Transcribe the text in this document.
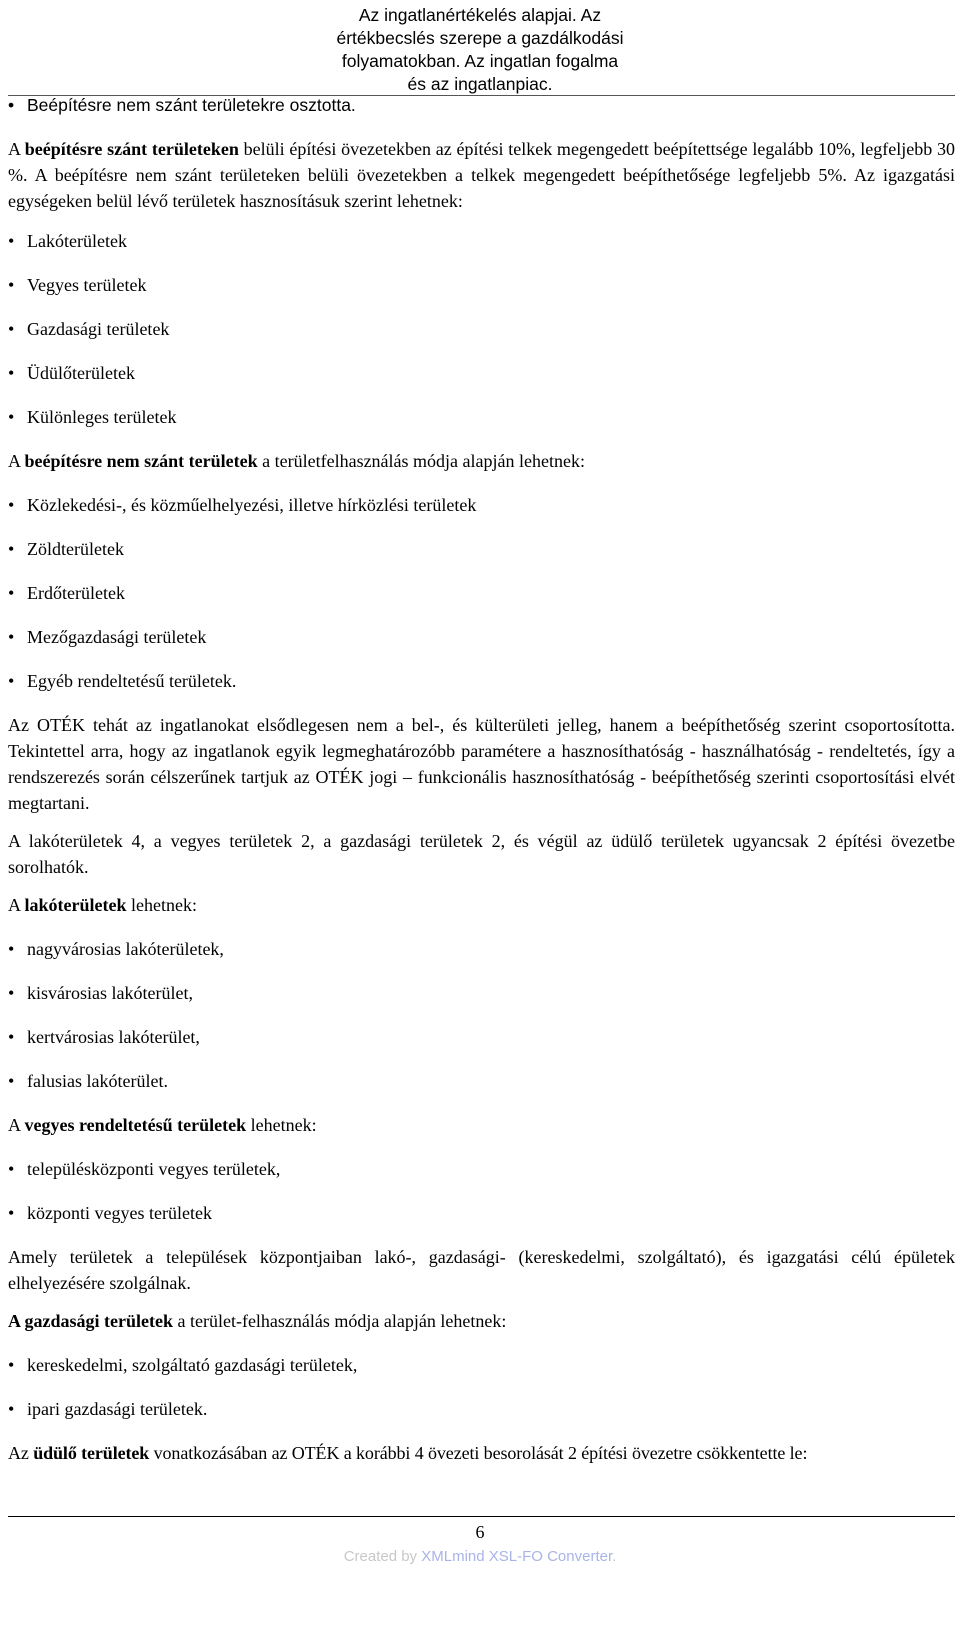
Az ingatlanértékelés alapjai. Az
értékbecslés szerepe a gazdálkodási
folyamatokban. Az ingatlan fogalma
és az ingatlanpiac.
• Beépítésre nem szánt területekre osztotta.
A beépítésre szánt területeken belüli építési övezetekben az építési telkek megengedett beépítettsége legalább 10%, legfeljebb 30 %. A beépítésre nem szánt területeken belüli övezetekben a telkek megengedett beépíthetősége legfeljebb 5%. Az igazgatási egységeken belül lévő területek hasznosításuk szerint lehetnek:
• Lakóterületek
• Vegyes területek
• Gazdasági területek
• Üdülőterületek
• Különleges területek
A beépítésre nem szánt területek a területfelhasználás módja alapján lehetnek:
• Közlekedési-, és közműelhelyezési, illetve hírközlési területek
• Zöldterületek
• Erdőterületek
• Mezőgazdasági területek
• Egyéb rendeltetésű területek.
Az OTÉK tehát az ingatlanokat elsődlegesen nem a bel-, és külterületi jelleg, hanem a beépíthetőség szerint csoportosította. Tekintettel arra, hogy az ingatlanok egyik legmeghatározóbb paramétere a hasznosíthatóság - használhatóság - rendeltetés, így a rendszerezés során célszerűnek tartjuk az OTÉK jogi – funkcionális hasznosíthatóság - beépíthetőség szerinti csoportosítási elvét megtartani.
A lakóterületek 4, a vegyes területek 2, a gazdasági területek 2, és végül az üdülő területek ugyancsak 2 építési övezetbe sorolhatók.
A lakóterületek lehetnek:
• nagyvárosias lakóterületek,
• kisvárosias lakóterület,
• kertvárosias lakóterület,
• falusias lakóterület.
A vegyes rendeltetésű területek lehetnek:
• településközponti vegyes területek,
• központi vegyes területek
Amely területek a települések központjaiban lakó-, gazdasági- (kereskedelmi, szolgáltató), és igazgatási célú épületek elhelyezésére szolgálnak.
A gazdasági területek a terület-felhasználás módja alapján lehetnek:
• kereskedelmi, szolgáltató gazdasági területek,
• ipari gazdasági területek.
Az üdülő területek vonatkozásában az OTÉK a korábbi 4 övezeti besorolását 2 építési övezetre csökkentette le:
6
Created by XMLmind XSL-FO Converter.
